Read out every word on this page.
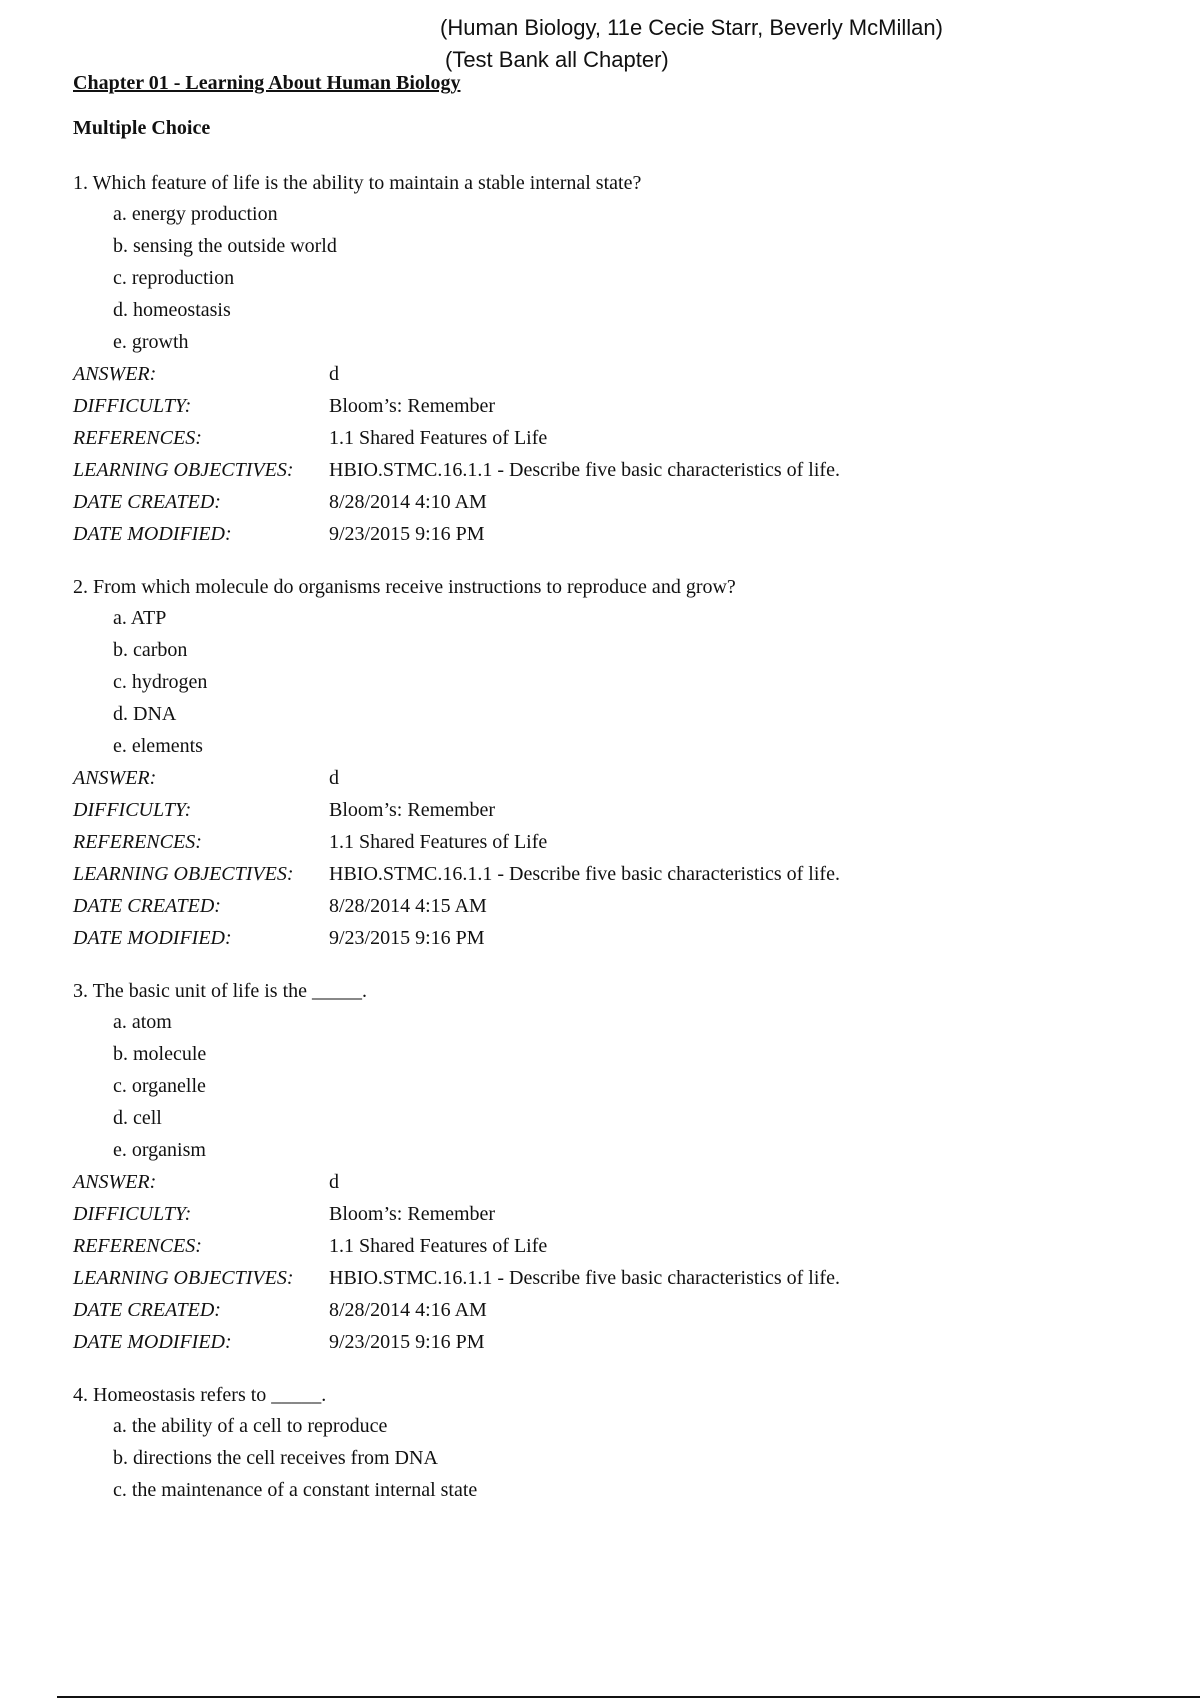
(Human Biology, 11e Cecie Starr, Beverly McMillan)
(Test Bank all Chapter)
Chapter 01 - Learning About Human Biology
Multiple Choice
1. Which feature of life is the ability to maintain a stable internal state?
a. energy production
b. sensing the outside world
c. reproduction
d. homeostasis
e. growth
ANSWER:	d
DIFFICULTY:	Bloom’s: Remember
REFERENCES:	1.1 Shared Features of Life
LEARNING OBJECTIVES:	HBIO.STMC.16.1.1 - Describe five basic characteristics of life.
DATE CREATED:	8/28/2014 4:10 AM
DATE MODIFIED:	9/23/2015 9:16 PM
2. From which molecule do organisms receive instructions to reproduce and grow?
a. ATP
b. carbon
c. hydrogen
d. DNA
e. elements
ANSWER:	d
DIFFICULTY:	Bloom’s: Remember
REFERENCES:	1.1 Shared Features of Life
LEARNING OBJECTIVES:	HBIO.STMC.16.1.1 - Describe five basic characteristics of life.
DATE CREATED:	8/28/2014 4:15 AM
DATE MODIFIED:	9/23/2015 9:16 PM
3. The basic unit of life is the _____.
a. atom
b. molecule
c. organelle
d. cell
e. organism
ANSWER:	d
DIFFICULTY:	Bloom’s: Remember
REFERENCES:	1.1 Shared Features of Life
LEARNING OBJECTIVES:	HBIO.STMC.16.1.1 - Describe five basic characteristics of life.
DATE CREATED:	8/28/2014 4:16 AM
DATE MODIFIED:	9/23/2015 9:16 PM
4. Homeostasis refers to _____.
a. the ability of a cell to reproduce
b. directions the cell receives from DNA
c. the maintenance of a constant internal state
